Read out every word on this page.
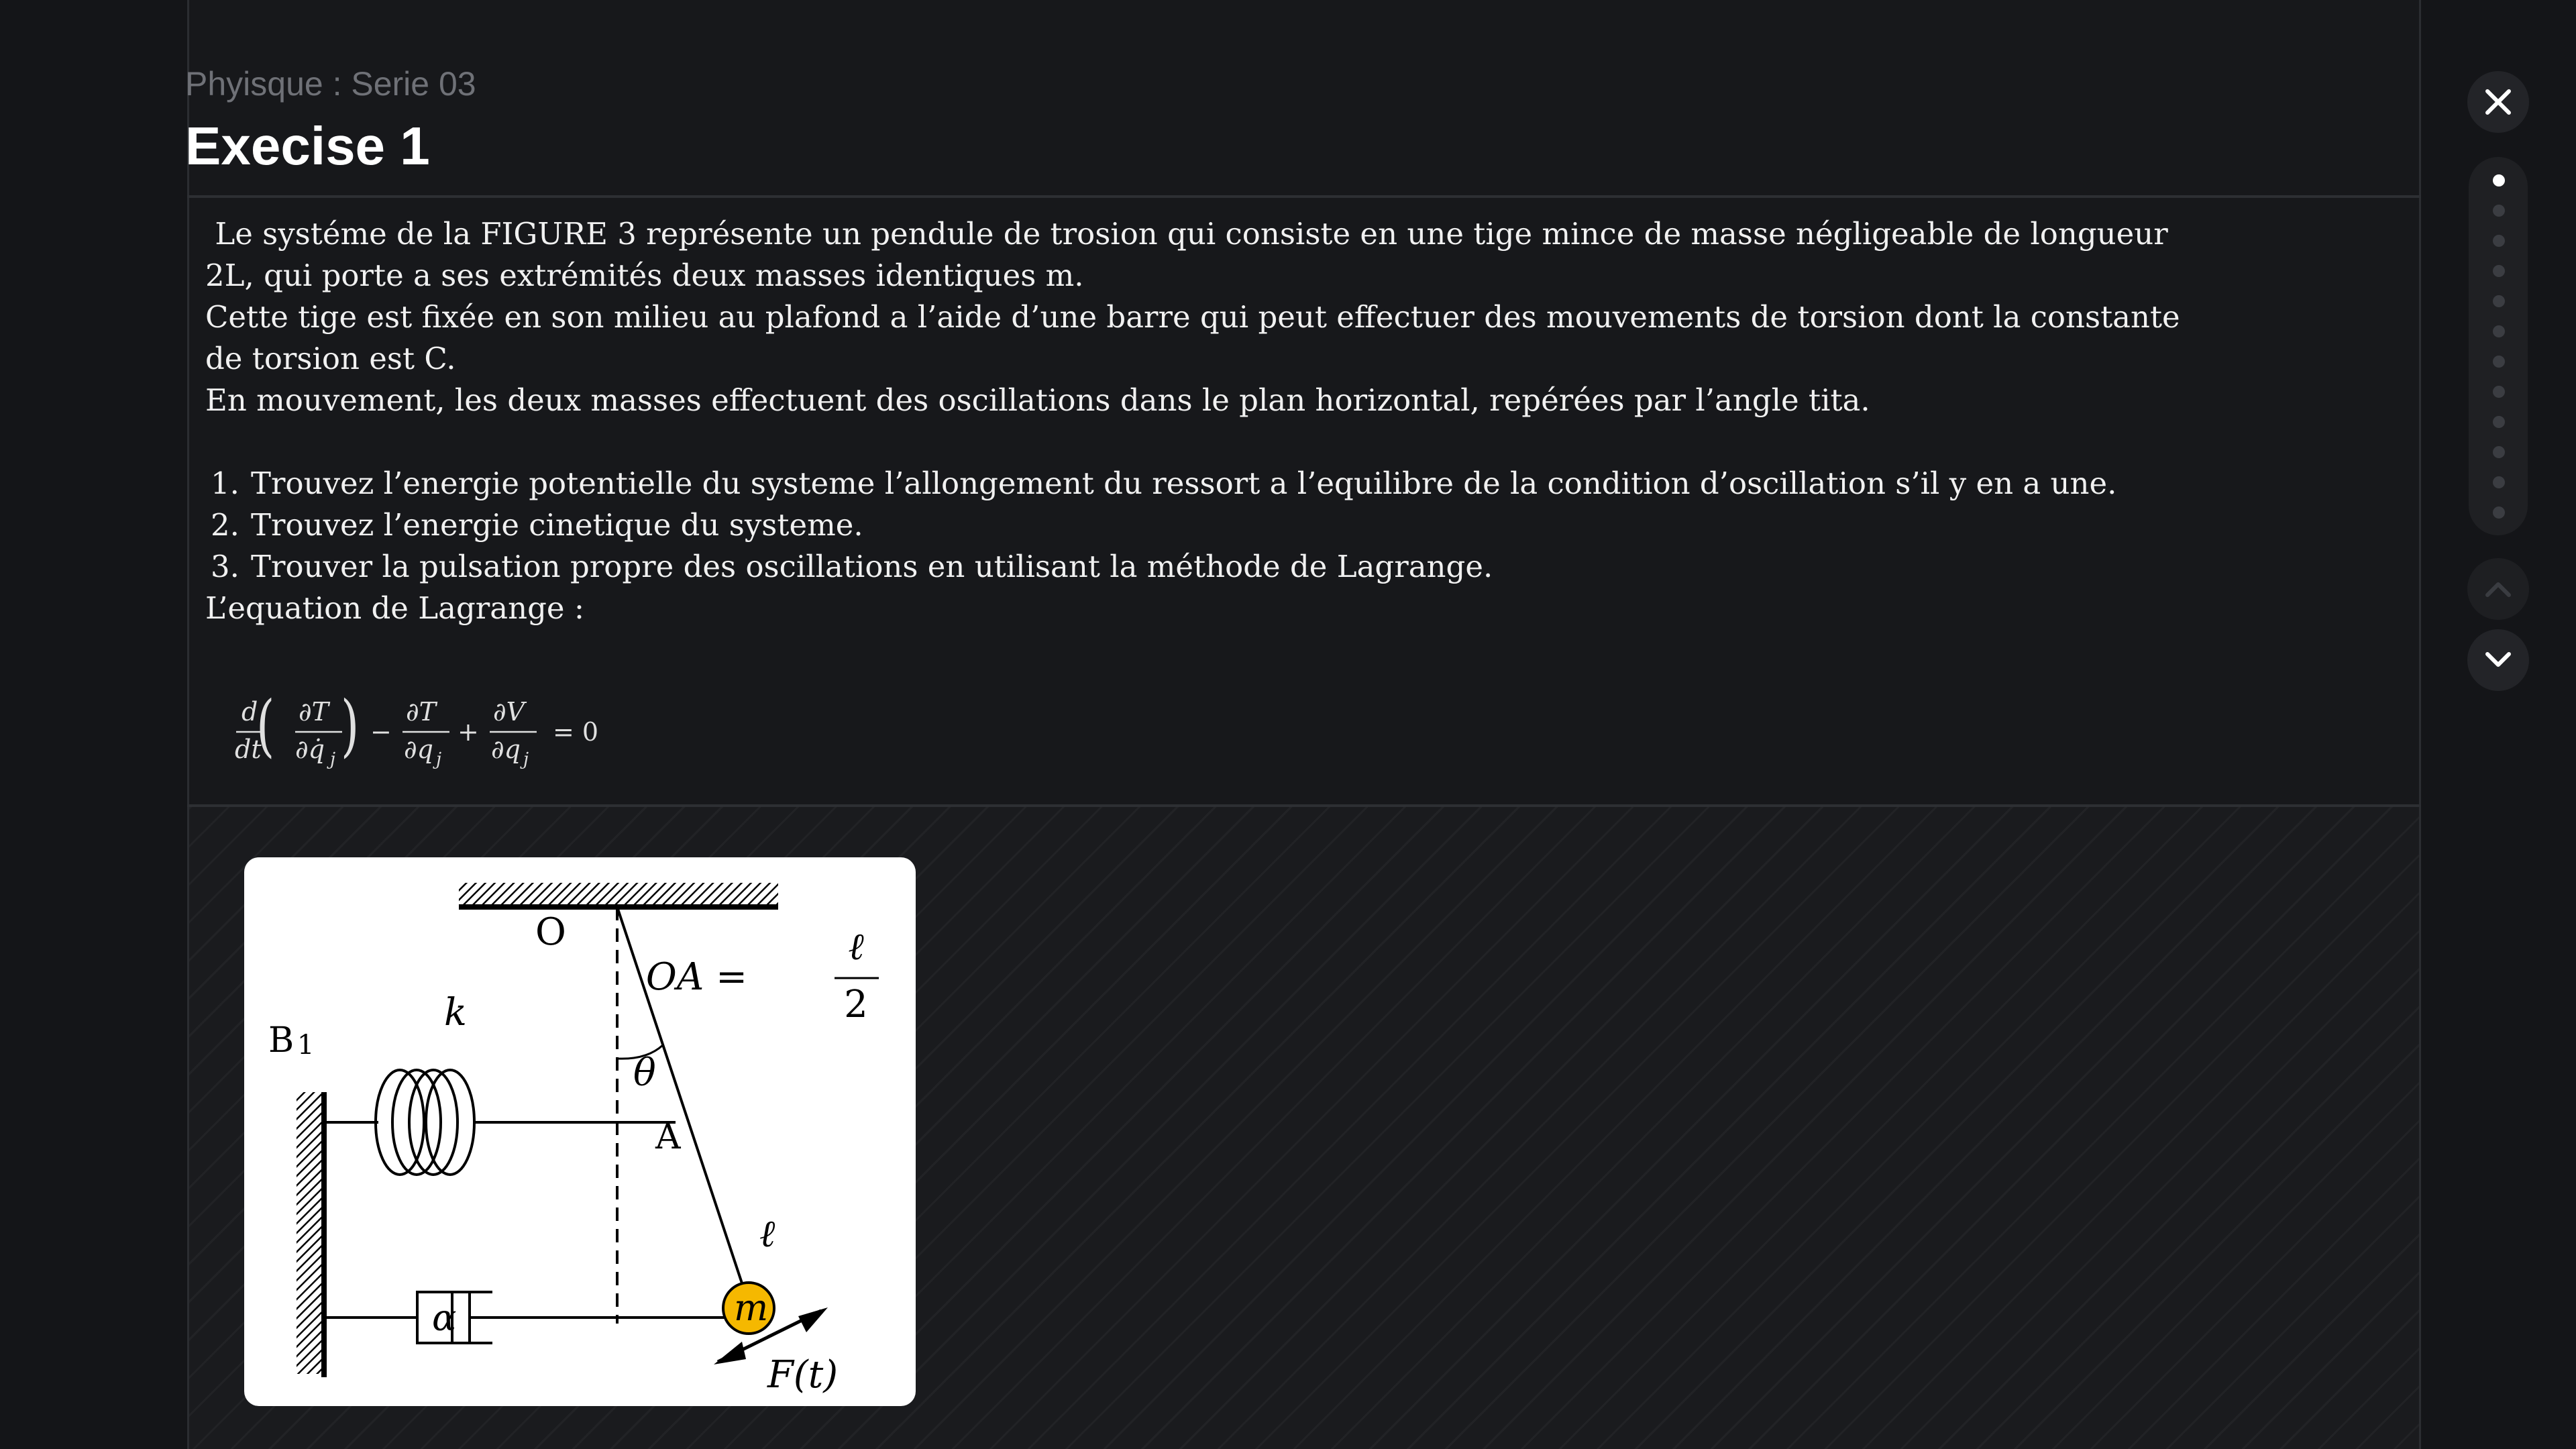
Phyisque : Serie 03
Execise 1

Le systéme de la FIGURE 3 représente un pendule de trosion qui consiste en une tige mince de masse négligeable de longueur 2L, qui porte a ses extrémités deux masses identiques m.

Cette tige est fixée en son milieu au plafond a l’aide d’une barre qui peut effectuer des mouvements de torsion dont la constante de torsion est C.

En mouvement, les deux masses effectuent des oscillations dans le plan horizontal, repérées par l’angle tita.

1. Trouvez l’energie potentielle du systeme l’allongement du ressort a l’equilibre de la condition d’oscillation s’il y en a une.
2. Trouvez l’energie cinetique du systeme.
3. Trouver la pulsation propre des oscillations en utilisant la méthode de Lagrange.

L’equation de Lagrange :

d
dt
( ∂T
∂q̇ j ) −
∂T
∂q j
+
∂V
∂q j
= 0
O
B 1
k
θ
A
ℓ
m
α
F(t)
OA =
ℓ
2
